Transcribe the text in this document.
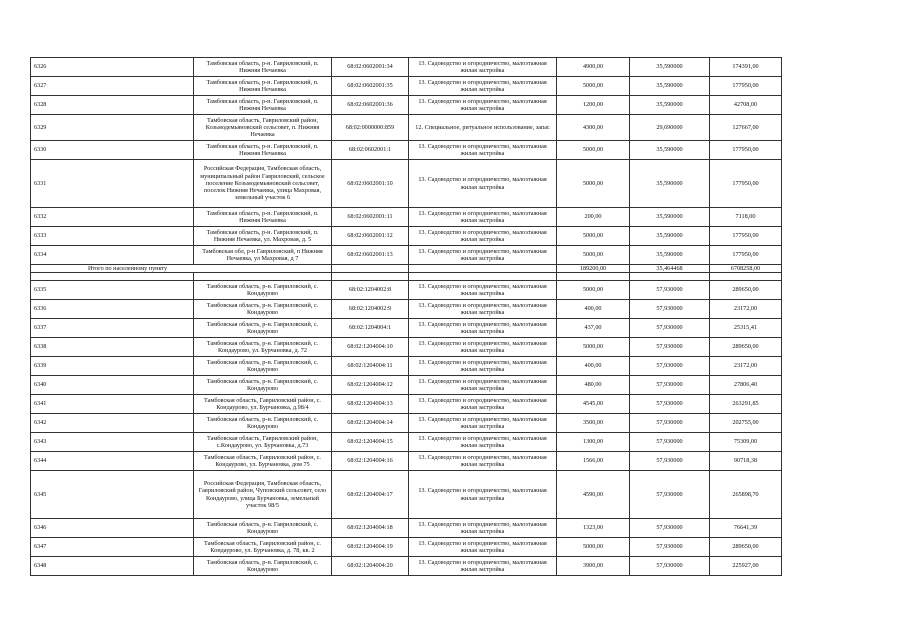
6326	Тамбовская область, р-н. Гавриловский, п. Нижняя Нечаевка	68:02:0602001:34	13. Садоводство и огородничество, малоэтажная жилая застройка	4900,00	35,590000	174391,00
6327	Тамбовская область, р-н. Гавриловский, п. Нижняя Нечаевка	68:02:0602001:35	13. Садоводство и огородничество, малоэтажная жилая застройка	5000,00	35,590000	177950,00
6328	Тамбовская область, р-н. Гавриловский, п. Нижняя Нечаевка	68:02:0602001:36	13. Садоводство и огородничество, малоэтажная жилая застройка	1200,00	35,590000	42708,00
6329	Тамбовская область, Гавриловский район, Козьмодемьяновский сельсовет, п. Нижняя Нечаевка	68:02:0000000:859	12. Специальное, ритуальное использование, запас	4300,00	29,690000	127667,00
6330	Тамбовская область, р-н. Гавриловский, п. Нижняя Нечаевка	68:02:0602001:1	13. Садоводство и огородничество, малоэтажная жилая застройка	5000,00	35,590000	177950,00
6331	Российская Федерация, Тамбовская область, муниципальный район Гавриловский, сельское поселение Козьмодемьяновский сельсовет, поселок Нижняя Нечаевка, улица Махровая, земельный участок 6	68:02:0602001:10	13. Садоводство и огородничество, малоэтажная жилая застройка	5000,00	35,590000	177950,00
6332	Тамбовская область, р-н. Гавриловский, п. Нижняя Нечаевка	68:02:0602001:11	13. Садоводство и огородничество, малоэтажная жилая застройка	200,00	35,590000	7118,00
6333	Тамбовская область, р-н. Гавриловский, п. Нижняя Нечаевка, ул. Махровая, д. 5	68:02:0602001:12	13. Садоводство и огородничество, малоэтажная жилая застройка	5000,00	35,590000	177950,00
6334	Тамбовская обл, р-н Гавриловский, п Нижняя Нечаевка, ул Махровая, д 7	68:02:0602001:13	13. Садоводство и огородничество, малоэтажная жилая застройка	5000,00	35,590000	177950,00
Итого по населенному пункту				189200,00	35,464468	6708258,00

6335	Тамбовская область, р-н. Гавриловский, с. Кондаурово	68:02:1204002:8	13. Садоводство и огородничество, малоэтажная жилая застройка	5000,00	57,930000	289650,00
6336	Тамбовская область, р-н. Гавриловский, с. Кондаурово	68:02:1204002:9	13. Садоводство и огородничество, малоэтажная жилая застройка	400,00	57,930000	23172,00
6337	Тамбовская область, р-н. Гавриловский, с. Кондаурово	68:02:1204004:1	13. Садоводство и огородничество, малоэтажная жилая застройка	437,00	57,930000	25315,41
6338	Тамбовская область, р-н. Гавриловский, с. Кондаурово, ул. Бурчановка, д. 72	68:02:1204004:10	13. Садоводство и огородничество, малоэтажная жилая застройка	5000,00	57,930000	289650,00
6339	Тамбовская область, р-н. Гавриловский, с. Кондаурово	68:02:1204004:11	13. Садоводство и огородничество, малоэтажная жилая застройка	400,00	57,930000	23172,00
6340	Тамбовская область, р-н. Гавриловский, с. Кондаурово	68:02:1204004:12	13. Садоводство и огородничество, малоэтажная жилая застройка	480,00	57,930000	27806,40
6341	Тамбовская область, Гавриловский район, с. Кондаурово, ул. Бурчановка, д.98/4	68:02:1204004:13	13. Садоводство и огородничество, малоэтажная жилая застройка	4545,00	57,930000	263291,85
6342	Тамбовская область, р-н. Гавриловский, с. Кондаурово	68:02:1204004:14	13. Садоводство и огородничество, малоэтажная жилая застройка	3500,00	57,930000	202755,00
6343	Тамбовская область, Гавриловский район, с.Кондаурово, ул. Бурчановка, д.73	68:02:1204004:15	13. Садоводство и огородничество, малоэтажная жилая застройка	1300,00	57,930000	75309,00
6344	Тамбовская область, Гавриловский район, с. Кондаурово, ул. Бурчановка, дом 75	68:02:1204004:16	13. Садоводство и огородничество, малоэтажная жилая застройка	1566,00	57,930000	90718,38
6345	Российская Федерация, Тамбовская область, Гавриловский район, Чуповский сельсовет, село Кондаурово, улица Бурчановка, земельный участок 98/5	68:02:1204004:17	13. Садоводство и огородничество, малоэтажная жилая застройка	4590,00	57,930000	265898,70
6346	Тамбовская область, р-н. Гавриловский, с. Кондаурово	68:02:1204004:18	13. Садоводство и огородничество, малоэтажная жилая застройка	1323,00	57,930000	76641,39
6347	Тамбовская область, Гавриловский район, с. Кондаурово, ул. Бурчановка, д. 78, кв. 2	68:02:1204004:19	13. Садоводство и огородничество, малоэтажная жилая застройка	5000,00	57,930000	289650,00
6348	Тамбовская область, р-н. Гавриловский, с. Кондаурово	68:02:1204004:20	13. Садоводство и огородничество, малоэтажная жилая застройка	3900,00	57,930000	225927,00
